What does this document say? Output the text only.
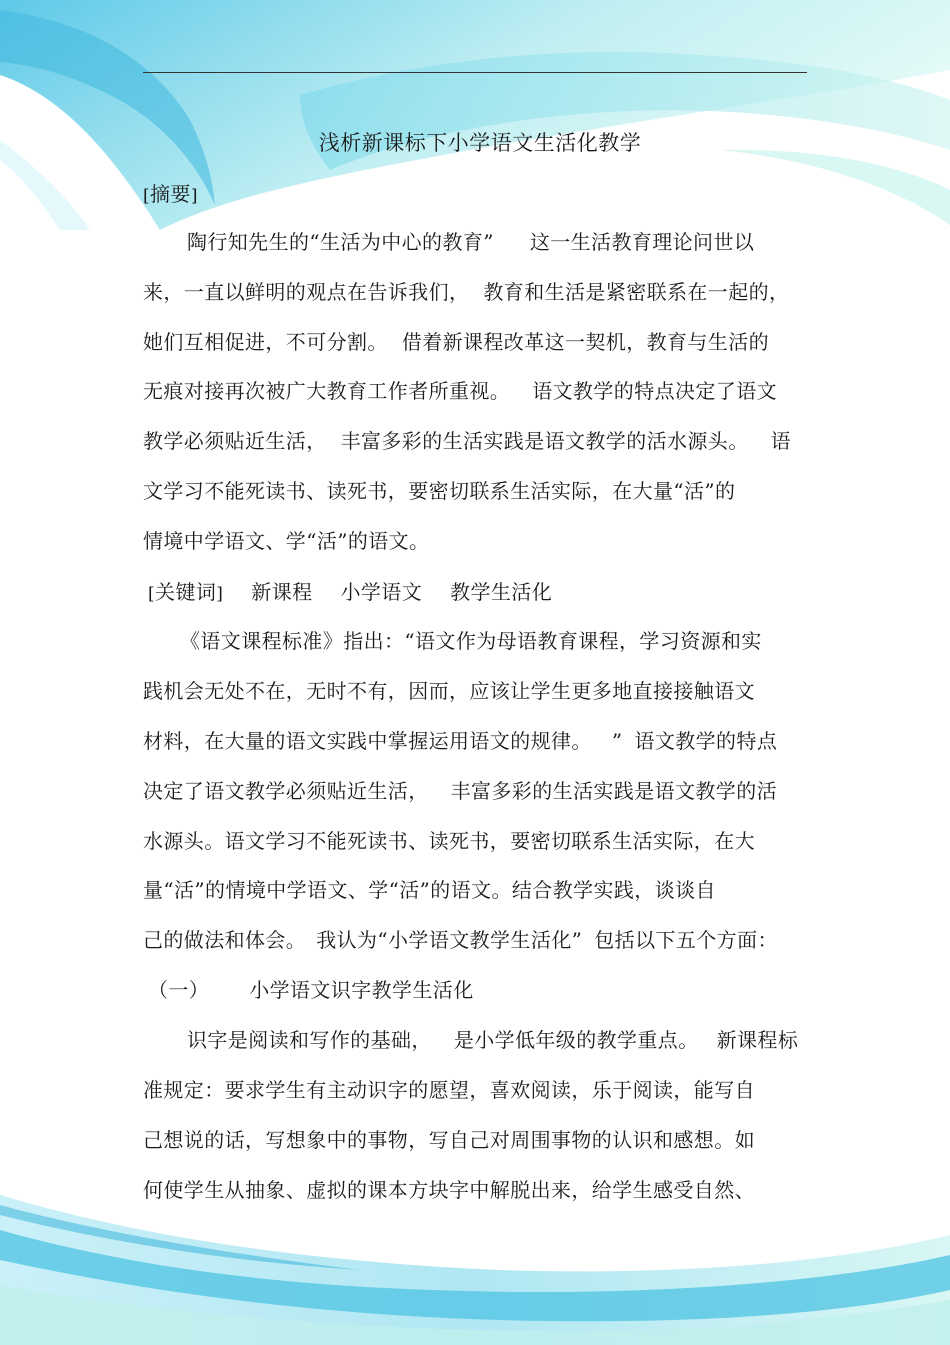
浅析新课标下小学语文生活化教学
[摘要]
陶行知先生的“生活为中心的教育” 这一生活教育理论问世以
来，一直以鲜明的观点在告诉我们， 教育和生活是紧密联系在一起的，
她们互相促进，不可分割。 借着新课程改革这一契机，教育与生活的
无痕对接再次被广大教育工作者所重视。 语文教学的特点决定了语文
教学必须贴近生活， 丰富多彩的生活实践是语文教学的活水源头。 语
文学习不能死读书、读死书，要密切联系生活实际，在大量“活”的
情境中学语文、学“活”的语文。
[关键词] 新课程 小学语文 教学生活化
《语文课程标准》指出：“语文作为母语教育课程，学习资源和实
践机会无处不在，无时不有，因而，应该让学生更多地直接接触语文
材料，在大量的语文实践中掌握运用语文的规律。 ” 语文教学的特点
决定了语文教学必须贴近生活， 丰富多彩的生活实践是语文教学的活
水源头。语文学习不能死读书、读死书，要密切联系生活实际，在大
量“活”的情境中学语文、学“活”的语文。结合教学实践，谈谈自
己的做法和体会。 我认为“小学语文教学生活化” 包括以下五个方面：
（一） 小学语文识字教学生活化
识字是阅读和写作的基础， 是小学低年级的教学重点。 新课程标
准规定：要求学生有主动识字的愿望，喜欢阅读，乐于阅读，能写自
己想说的话，写想象中的事物，写自己对周围事物的认识和感想。如
何使学生从抽象、虚拟的课本方块字中解脱出来，给学生感受自然、
